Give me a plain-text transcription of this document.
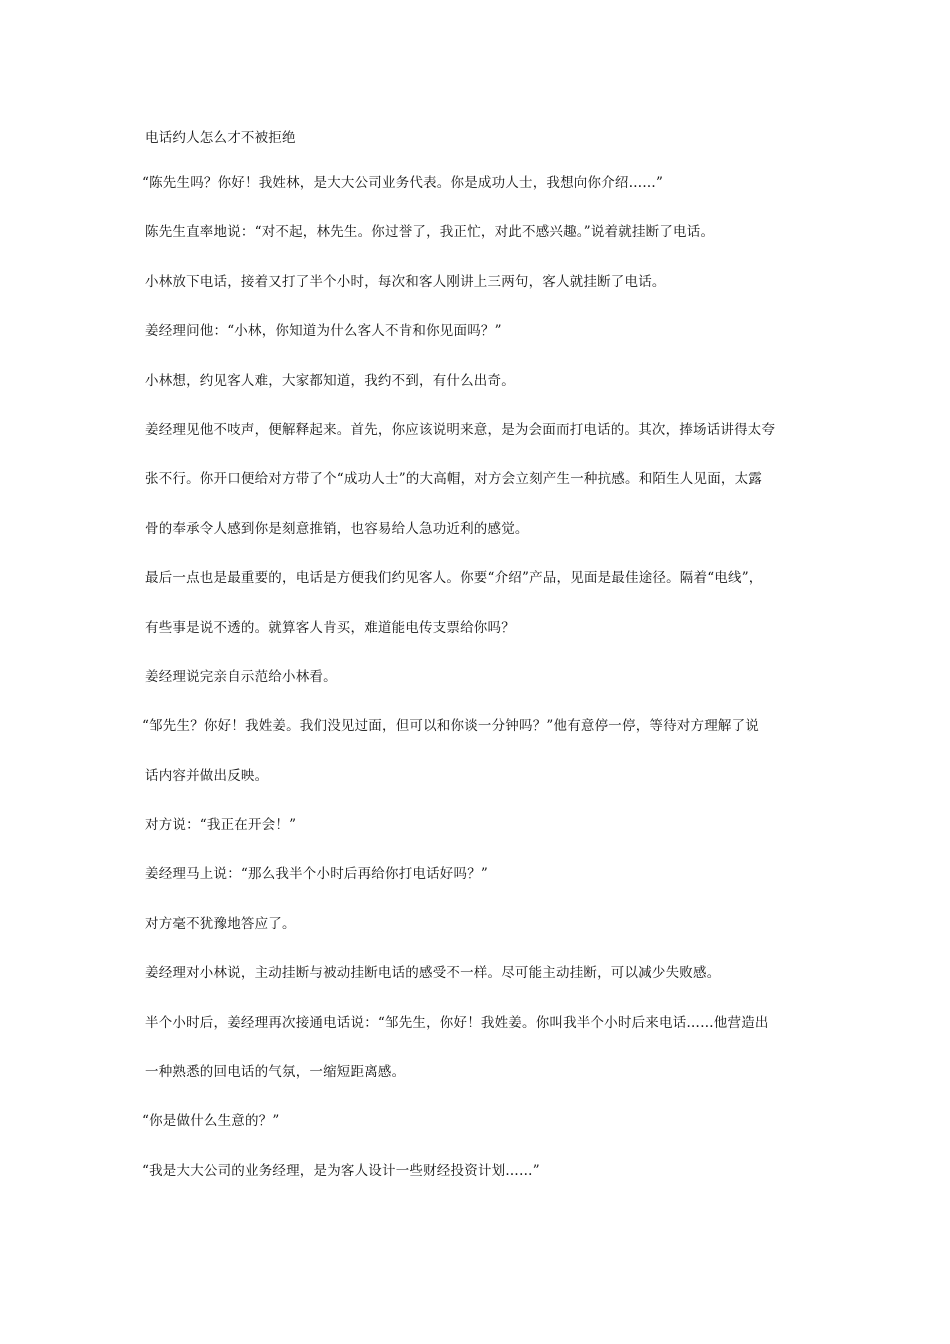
电话约人怎么才不被拒绝
“陈先生吗？你好！我姓林，是大大公司业务代表。你是成功人士，我想向你介绍……”
陈先生直率地说：“对不起，林先生。你过誉了，我正忙，对此不感兴趣。”说着就挂断了电话。
小林放下电话，接着又打了半个小时，每次和客人刚讲上三两句，客人就挂断了电话。
姜经理问他：“小林，你知道为什么客人不肯和你见面吗？”
小林想，约见客人难，大家都知道，我约不到，有什么出奇。
姜经理见他不吱声，便解释起来。首先，你应该说明来意，是为会面而打电话的。其次，捧场话讲得太夸
张不行。你开口便给对方带了个“成功人士”的大高帽，对方会立刻产生一种抗感。和陌生人见面，太露
骨的奉承令人感到你是刻意推销，也容易给人急功近利的感觉。
最后一点也是最重要的，电话是方便我们约见客人。你要“介绍”产品，见面是最佳途径。隔着“电线”，
有些事是说不透的。就算客人肯买，难道能电传支票给你吗？
姜经理说完亲自示范给小林看。
“邹先生？你好！我姓姜。我们没见过面，但可以和你谈一分钟吗？”他有意停一停，等待对方理解了说
话内容并做出反映。
对方说：“我正在开会！”
姜经理马上说：“那么我半个小时后再给你打电话好吗？”
对方毫不犹豫地答应了。
姜经理对小林说，主动挂断与被动挂断电话的感受不一样。尽可能主动挂断，可以减少失败感。
半个小时后，姜经理再次接通电话说：“邹先生，你好！我姓姜。你叫我半个小时后来电话……他营造出
一种熟悉的回电话的气氛，一缩短距离感。
“你是做什么生意的？”
“我是大大公司的业务经理，是为客人设计一些财经投资计划……”
